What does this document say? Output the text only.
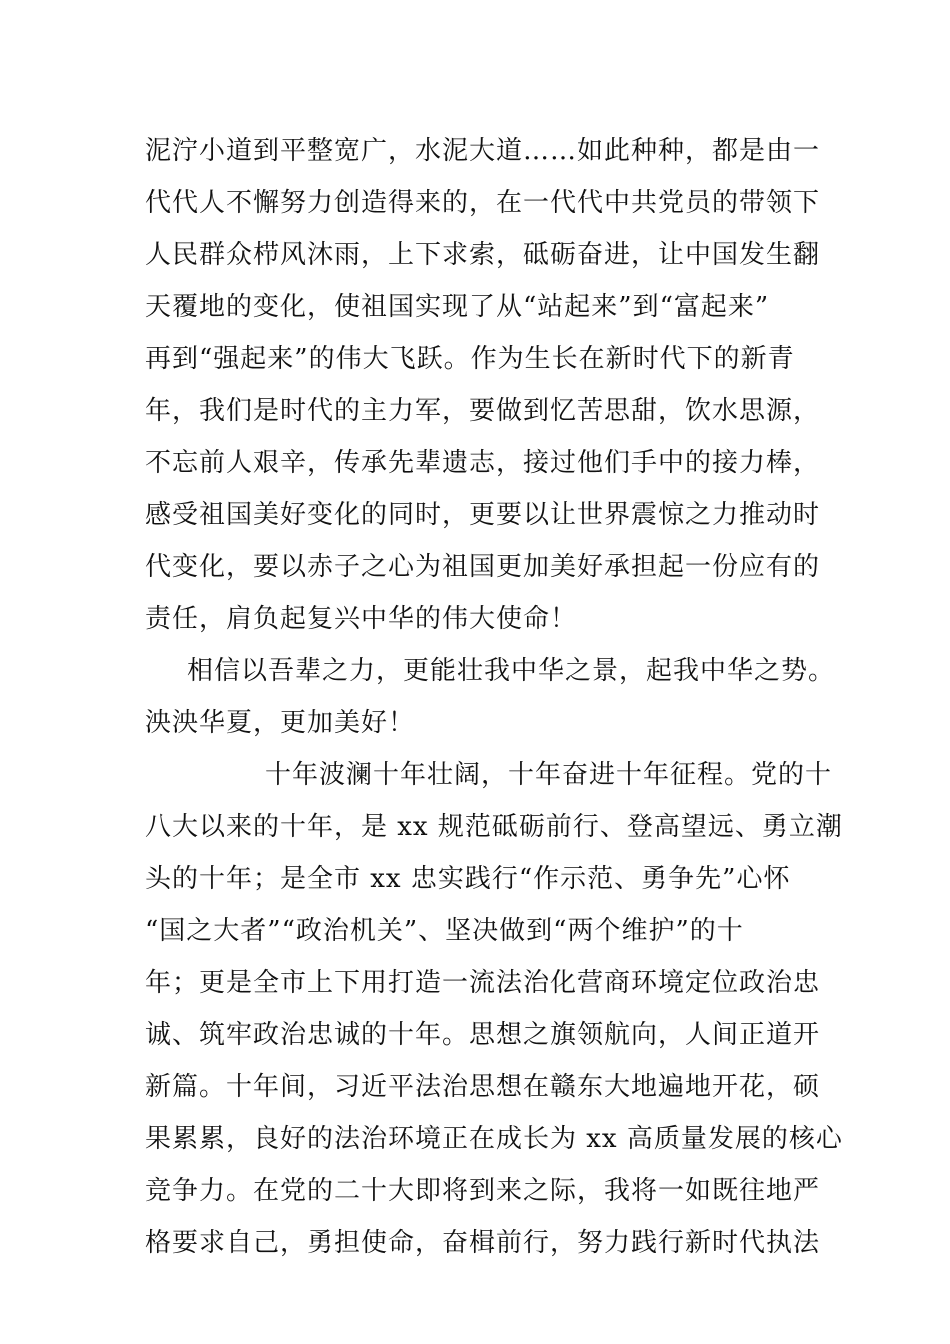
泥泞小道到平整宽广，水泥大道……如此种种，都是由一
代代人不懈努力创造得来的，在一代代中共党员的带领下
人民群众栉风沐雨，上下求索，砥砺奋进，让中国发生翻
天覆地的变化，使祖国实现了从“站起来”到“富起来”
再到“强起来”的伟大飞跃。作为生长在新时代下的新青
年，我们是时代的主力军，要做到忆苦思甜，饮水思源，
不忘前人艰辛，传承先辈遗志，接过他们手中的接力棒，
感受祖国美好变化的同时，更要以让世界震惊之力推动时
代变化，要以赤子之心为祖国更加美好承担起一份应有的
责任，肩负起复兴中华的伟大使命！
相信以吾辈之力，更能壮我中华之景，起我中华之势。
泱泱华夏，更加美好！
十年波澜十年壮阔，十年奋进十年征程。党的十
八大以来的十年，是 xx 规范砥砺前行、登高望远、勇立潮
头的十年；是全市 xx 忠实践行“作示范、勇争先”心怀
“国之大者”“政治机关”、坚决做到“两个维护”的十
年；更是全市上下用打造一流法治化营商环境定位政治忠
诚、筑牢政治忠诚的十年。思想之旗领航向，人间正道开
新篇。十年间，习近平法治思想在赣东大地遍地开花，硕
果累累，良好的法治环境正在成长为 xx 高质量发展的核心
竞争力。在党的二十大即将到来之际，我将一如既往地严
格要求自己，勇担使命，奋楫前行，努力践行新时代执法
